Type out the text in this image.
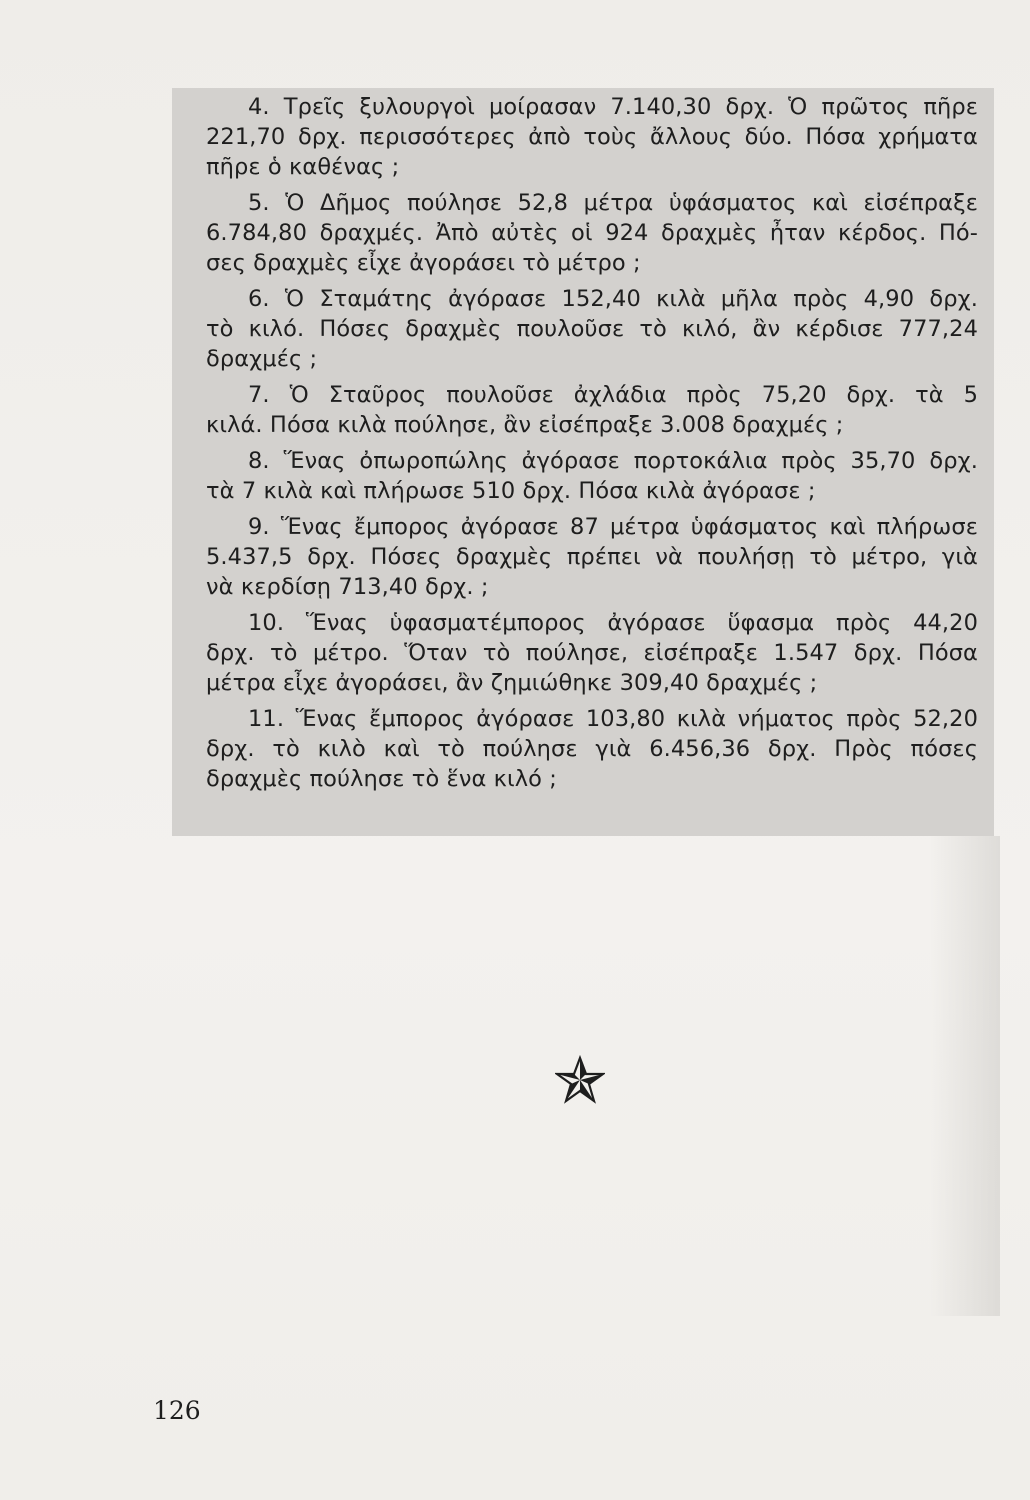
4. Τρεῖς ξυλουργοὶ μοίρασαν 7.140,30 δρχ. Ὁ πρῶτος πῆρε
221,70 δρχ. περισσότερες ἀπὸ τοὺς ἄλλους δύο. Πόσα χρήματα
πῆρε ὁ καθένας ;

5. Ὁ Δῆμος πούλησε 52,8 μέτρα ὑφάσματος καὶ εἰσέπραξε
6.784,80 δραχμές. Ἀπὸ αὐτὲς οἱ 924 δραχμὲς ἦταν κέρδος. Πό-
σες δραχμὲς εἶχε ἀγοράσει τὸ μέτρο ;

6. Ὁ Σταμάτης ἀγόρασε 152,40 κιλὰ μῆλα πρὸς 4,90 δρχ.
τὸ κιλό. Πόσες δραχμὲς πουλοῦσε τὸ κιλό, ἂν κέρδισε 777,24
δραχμές ;

7. Ὁ Σταῦρος πουλοῦσε ἀχλάδια πρὸς 75,20 δρχ. τὰ 5
κιλά. Πόσα κιλὰ πούλησε, ἂν εἰσέπραξε 3.008 δραχμές ;

8. Ἕνας ὀπωροπώλης ἀγόρασε πορτοκάλια πρὸς 35,70 δρχ.
τὰ 7 κιλὰ καὶ πλήρωσε 510 δρχ. Πόσα κιλὰ ἀγόρασε ;

9. Ἕνας ἔμπορος ἀγόρασε 87 μέτρα ὑφάσματος καὶ πλήρωσε
5.437,5 δρχ. Πόσες δραχμὲς πρέπει νὰ πουλήσῃ τὸ μέτρο, γιὰ
νὰ κερδίσῃ 713,40 δρχ. ;

10. Ἕνας ὑφασματέμπορος ἀγόρασε ὕφασμα πρὸς 44,20
δρχ. τὸ μέτρο. Ὅταν τὸ πούλησε, εἰσέπραξε 1.547 δρχ. Πόσα
μέτρα εἶχε ἀγοράσει, ἂν ζημιώθηκε 309,40 δραχμές ;

11. Ἕνας ἔμπορος ἀγόρασε 103,80 κιλὰ νήματος πρὸς 52,20
δρχ. τὸ κιλὸ καὶ τὸ πούλησε γιὰ 6.456,36 δρχ. Πρὸς πόσες
δραχμὲς πούλησε τὸ ἕνα κιλό ;

126
